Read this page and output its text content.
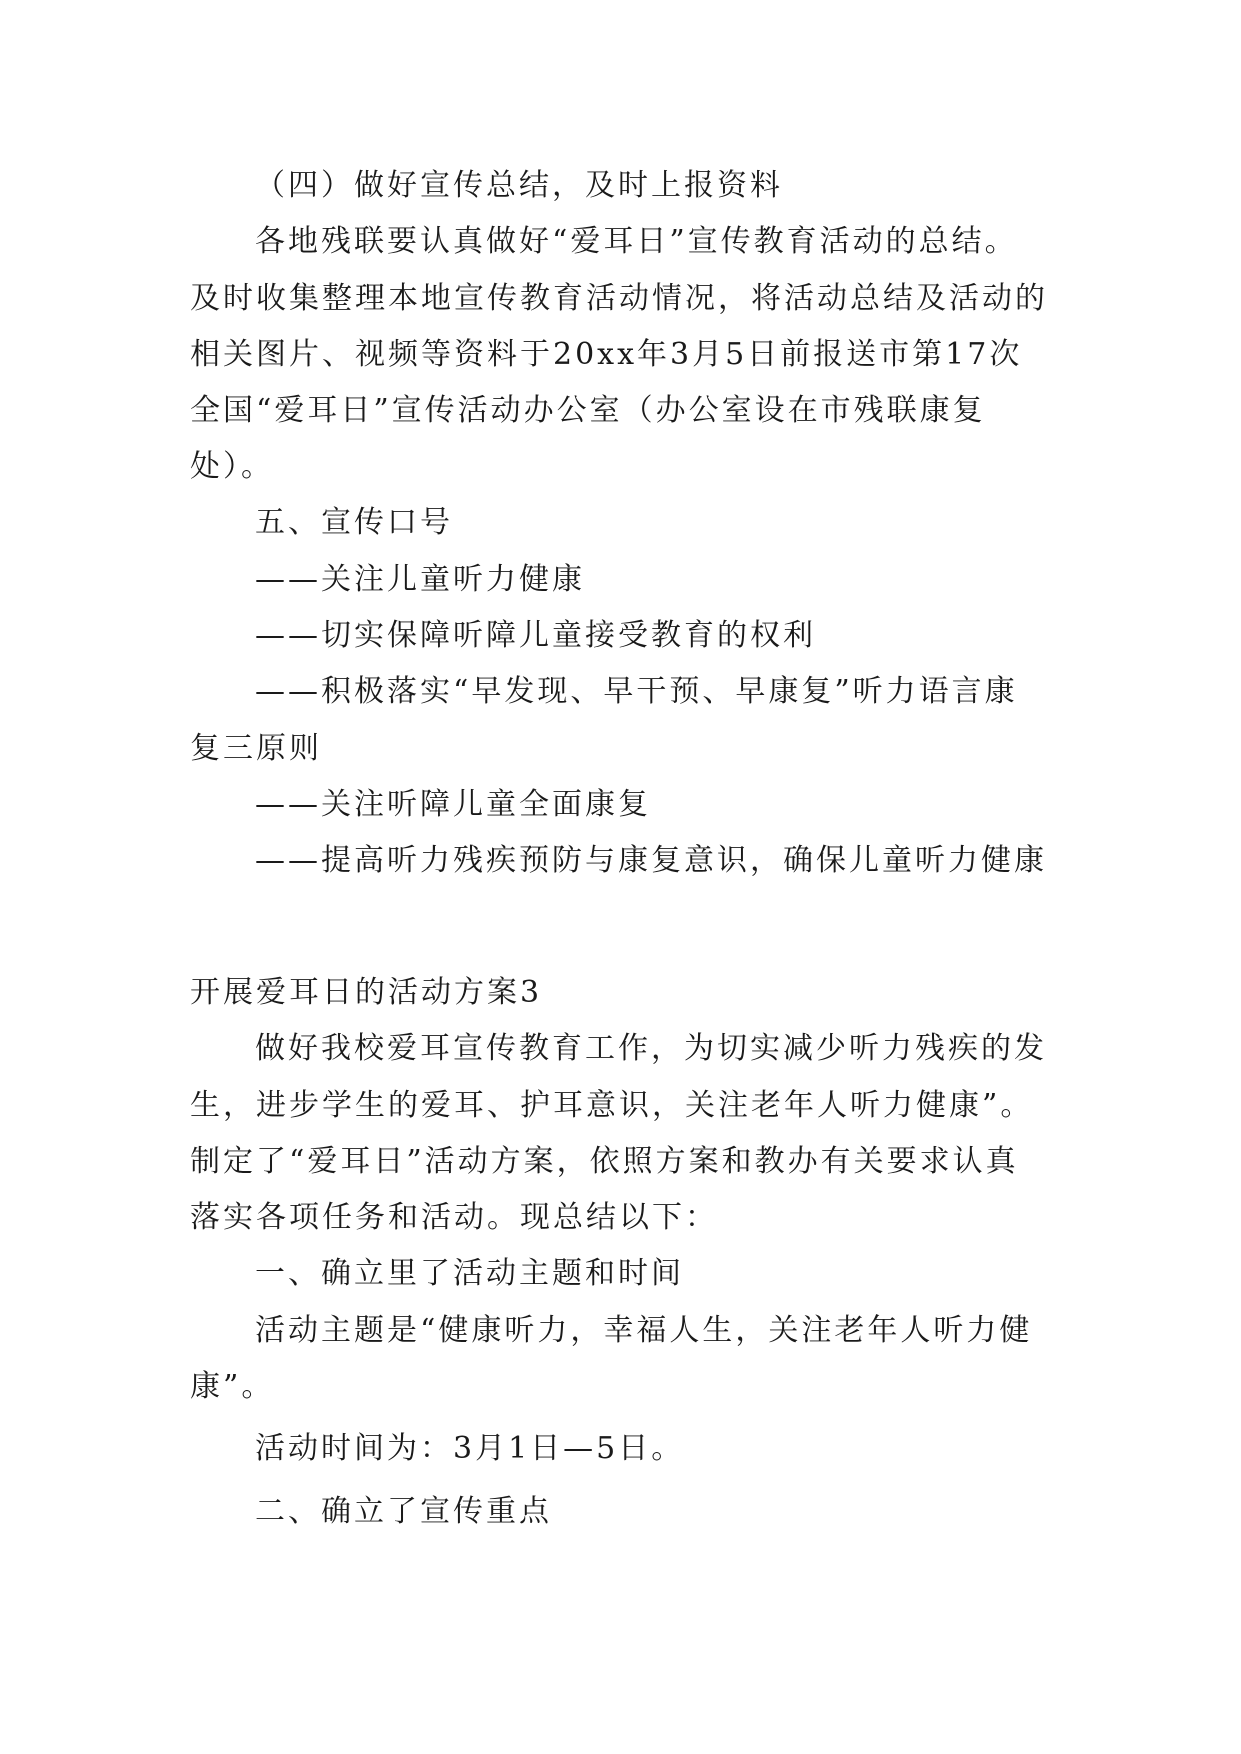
（四）做好宣传总结，及时上报资料
各地残联要认真做好“爱耳日”宣传教育活动的总结。
及时收集整理本地宣传教育活动情况，将活动总结及活动的
相关图片、视频等资料于20xx年3月5日前报送市第17次
全国“爱耳日”宣传活动办公室（办公室设在市残联康复
处）。
五、宣传口号
——关注儿童听力健康
——切实保障听障儿童接受教育的权利
——积极落实“早发现、早干预、早康复”听力语言康
复三原则
——关注听障儿童全面康复
——提高听力残疾预防与康复意识，确保儿童听力健康
开展爱耳日的活动方案3
做好我校爱耳宣传教育工作，为切实减少听力残疾的发
生，进步学生的爱耳、护耳意识，关注老年人听力健康”。
制定了“爱耳日”活动方案，依照方案和教办有关要求认真
落实各项任务和活动。现总结以下：
一、确立里了活动主题和时间
活动主题是“健康听力，幸福人生，关注老年人听力健
康”。
活动时间为：3月1日—5日。
二、确立了宣传重点
